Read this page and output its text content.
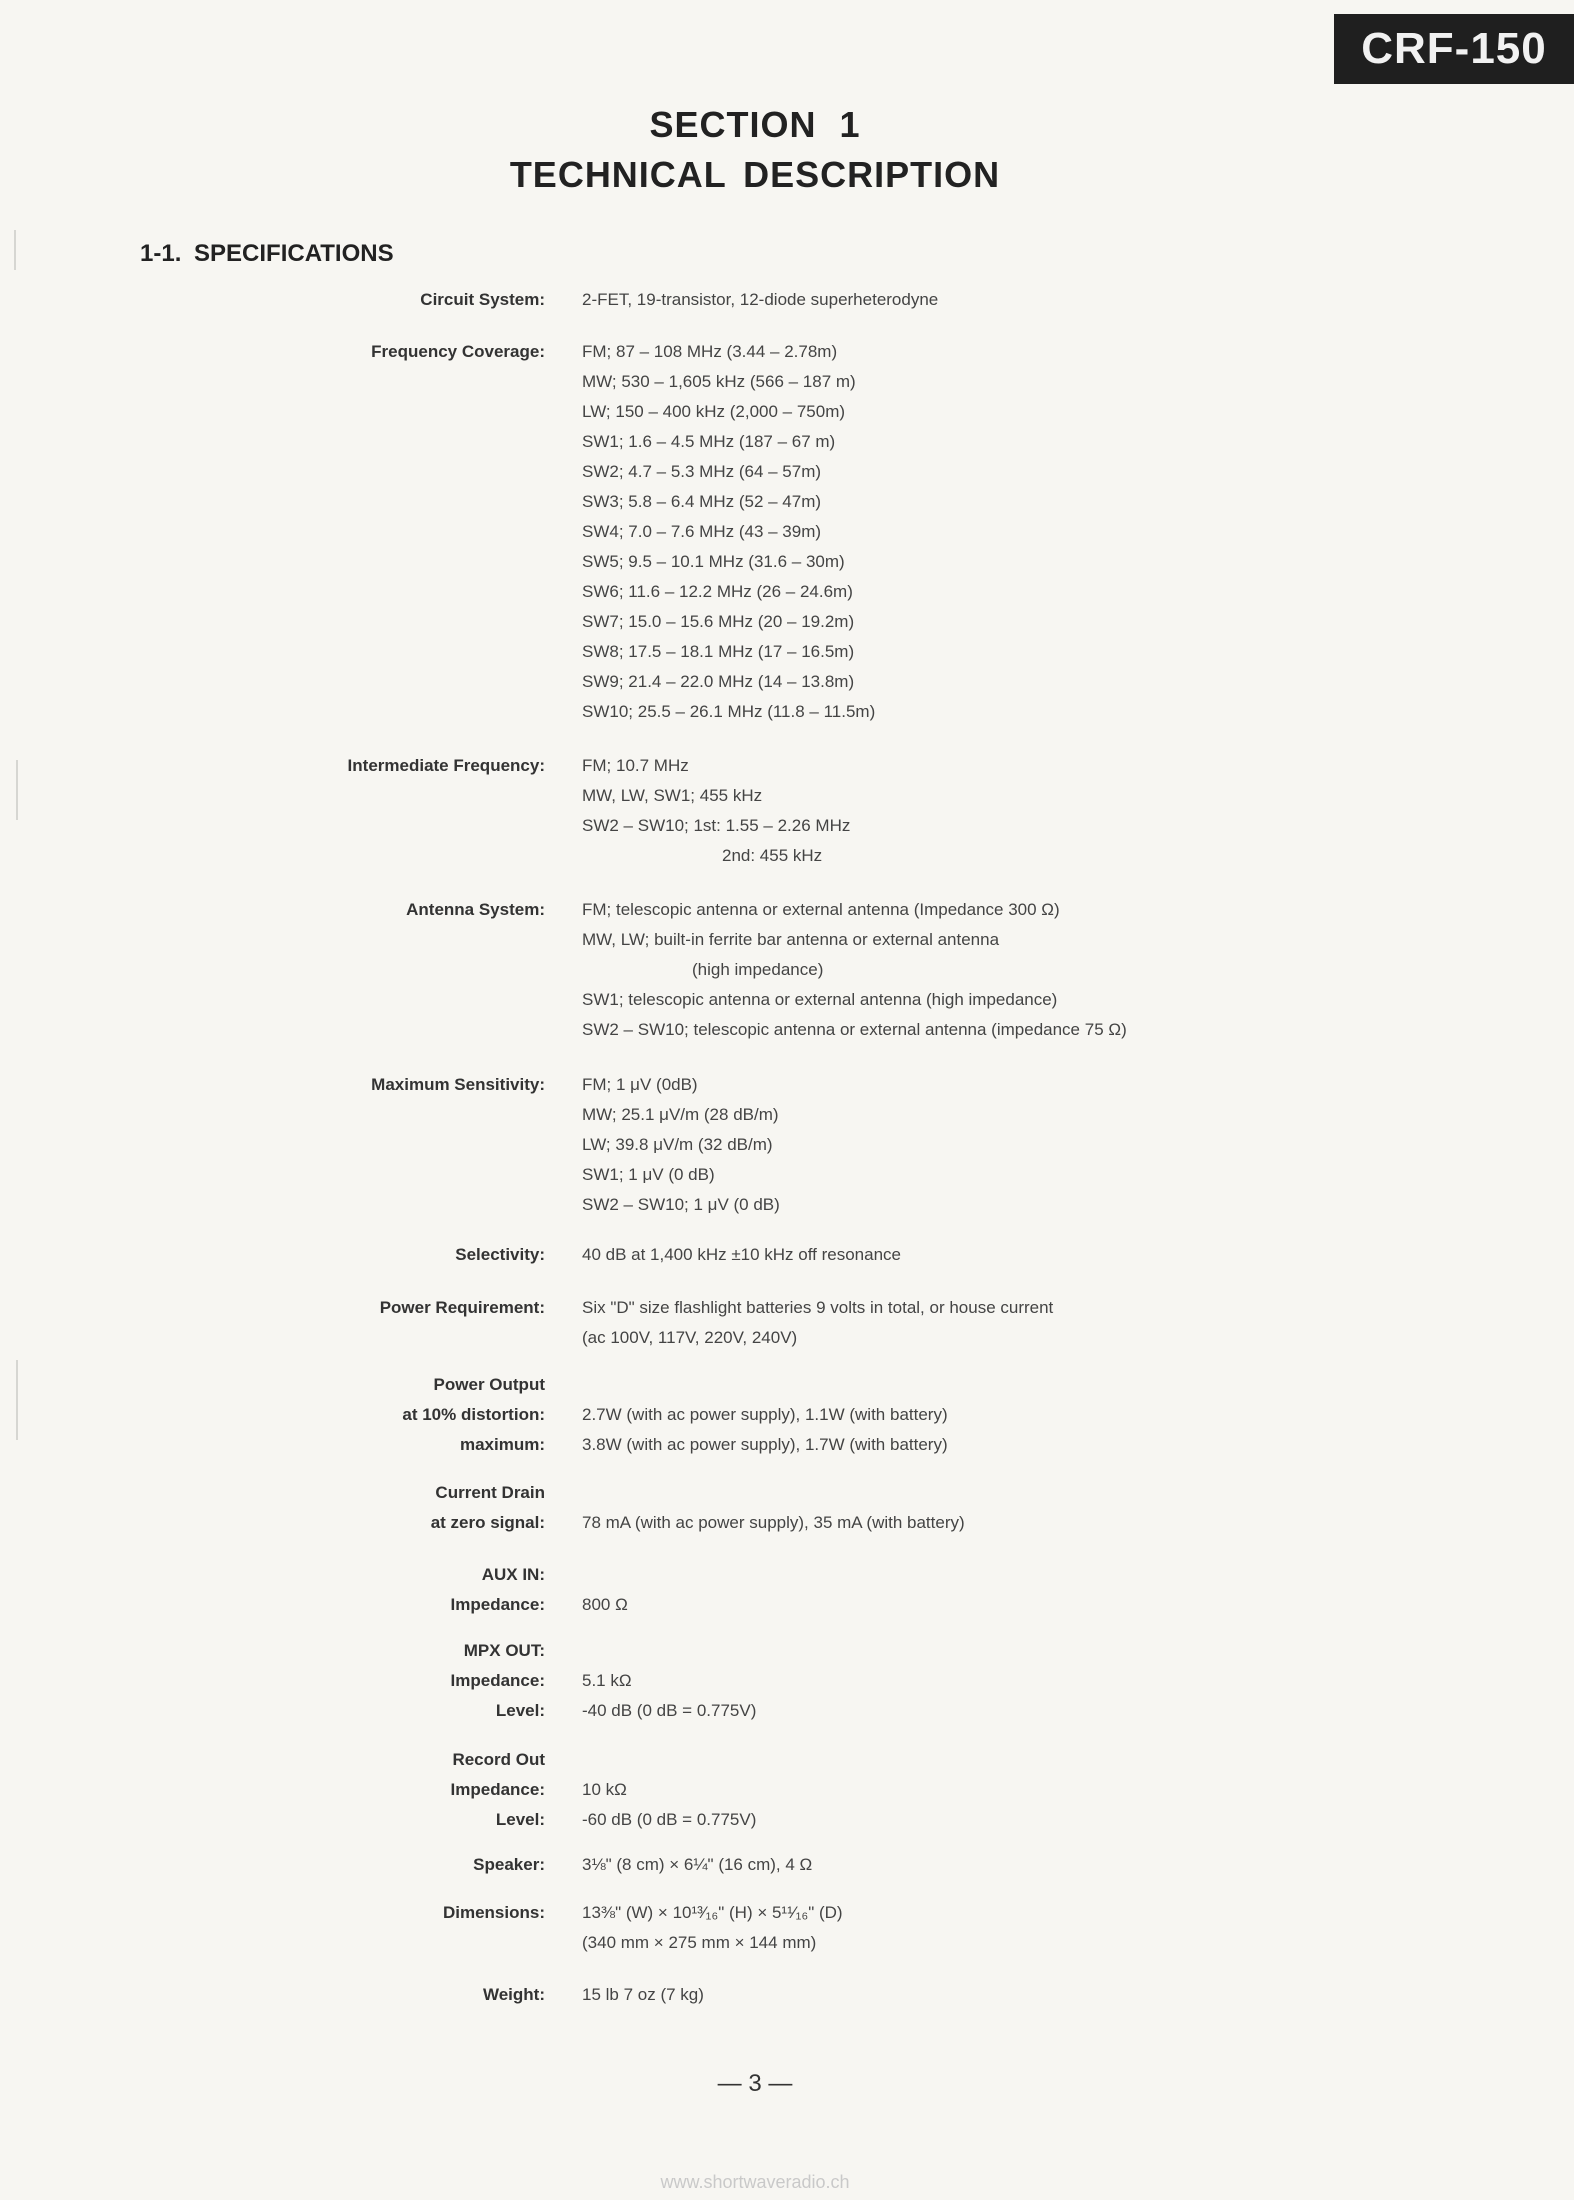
CRF-150
SECTION 1
TECHNICAL DESCRIPTION
1-1. SPECIFICATIONS
Circuit System: 2-FET, 19-transistor, 12-diode superheterodyne
Frequency Coverage: FM; 87 – 108 MHz (3.44 – 2.78m)
MW; 530 – 1,605 kHz (566 – 187 m)
LW; 150 – 400 kHz (2,000 – 750m)
SW1; 1.6 – 4.5 MHz (187 – 67 m)
SW2; 4.7 – 5.3 MHz (64 – 57m)
SW3; 5.8 – 6.4 MHz (52 – 47m)
SW4; 7.0 – 7.6 MHz (43 – 39m)
SW5; 9.5 – 10.1 MHz (31.6 – 30m)
SW6; 11.6 – 12.2 MHz (26 – 24.6m)
SW7; 15.0 – 15.6 MHz (20 – 19.2m)
SW8; 17.5 – 18.1 MHz (17 – 16.5m)
SW9; 21.4 – 22.0 MHz (14 – 13.8m)
SW10; 25.5 – 26.1 MHz (11.8 – 11.5m)
Intermediate Frequency: FM; 10.7 MHz
MW, LW, SW1; 455 kHz
SW2 – SW10; 1st: 1.55 – 2.26 MHz
2nd: 455 kHz
Antenna System: FM; telescopic antenna or external antenna (Impedance 300 Ω)
MW, LW; built-in ferrite bar antenna or external antenna
(high impedance)
SW1; telescopic antenna or external antenna (high impedance)
SW2 – SW10; telescopic antenna or external antenna (impedance 75 Ω)
Maximum Sensitivity: FM; 1 μV (0dB)
MW; 25.1 μV/m (28 dB/m)
LW; 39.8 μV/m (32 dB/m)
SW1; 1 μV (0 dB)
SW2 – SW10; 1 μV (0 dB)
Selectivity: 40 dB at 1,400 kHz ±10 kHz off resonance
Power Requirement: Six "D" size flashlight batteries 9 volts in total, or house current
(ac 100V, 117V, 220V, 240V)
Power Output
at 10% distortion:
maximum:
2.7W (with ac power supply), 1.1W (with battery)
3.8W (with ac power supply), 1.7W (with battery)
Current Drain
at zero signal: 78 mA (with ac power supply), 35 mA (with battery)
AUX IN:
Impedance: 800 Ω
MPX OUT:
Impedance:
Level:
5.1 kΩ
-40 dB (0 dB = 0.775V)
Record Out
Impedance:
Level:
10 kΩ
-60 dB (0 dB = 0.775V)
Speaker: 3⅛" (8 cm) × 6¼" (16 cm), 4 Ω
Dimensions: 13⅜" (W) × 10¹³⁄₁₆" (H) × 5¹¹⁄₁₆" (D)
(340 mm × 275 mm × 144 mm)
Weight: 15 lb 7 oz (7 kg)
— 3 —
www.shortwaveradio.ch
